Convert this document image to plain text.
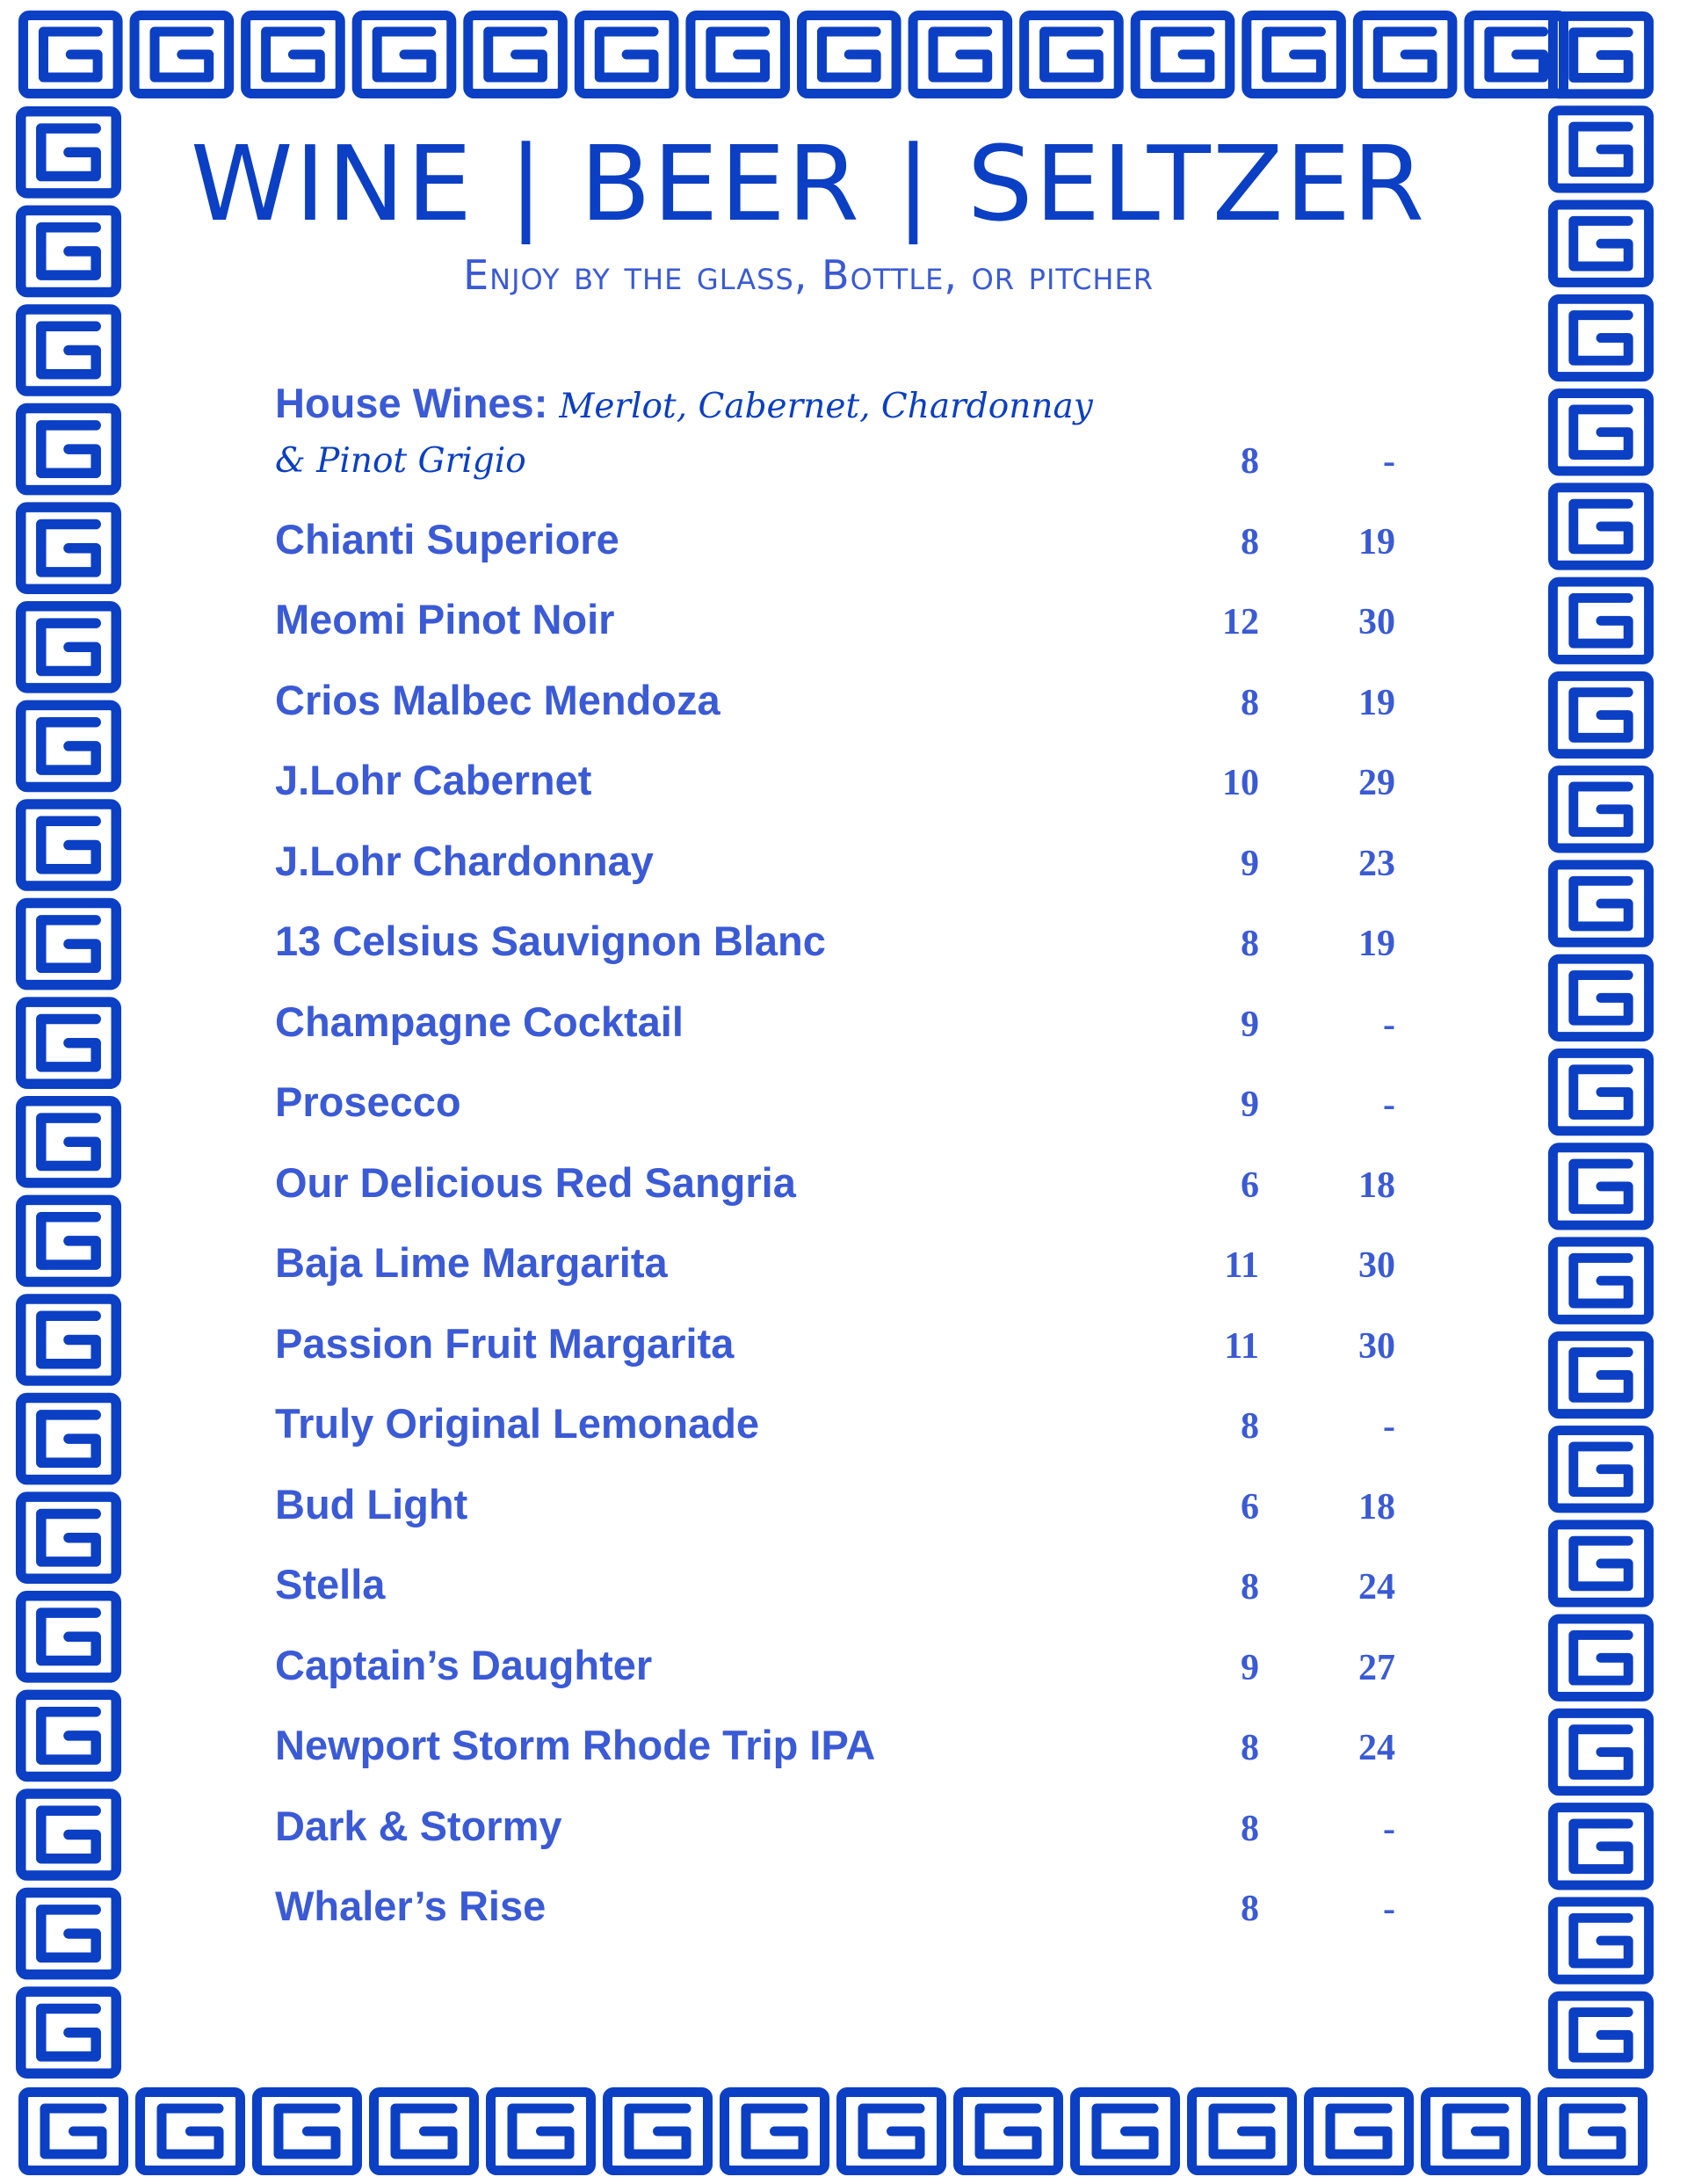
WINE | BEER | SELTZER
Enjoy by the glass, Bottle, or pitcher
House Wines: Merlot, Cabernet, Chardonnay
& Pinot Grigio	8	-
Chianti Superiore	8	19
Meomi Pinot Noir	12	30
Crios Malbec Mendoza	8	19
J.Lohr Cabernet	10	29
J.Lohr Chardonnay	9	23
13 Celsius Sauvignon Blanc	8	19
Champagne Cocktail	9	-
Prosecco	9	-
Our Delicious Red Sangria	6	18
Baja Lime Margarita	11	30
Passion Fruit Margarita	11	30
Truly Original Lemonade	8	-
Bud Light	6	18
Stella	8	24
Captain’s Daughter	9	27
Newport Storm Rhode Trip IPA	8	24
Dark & Stormy	8	-
Whaler’s Rise	8	-
